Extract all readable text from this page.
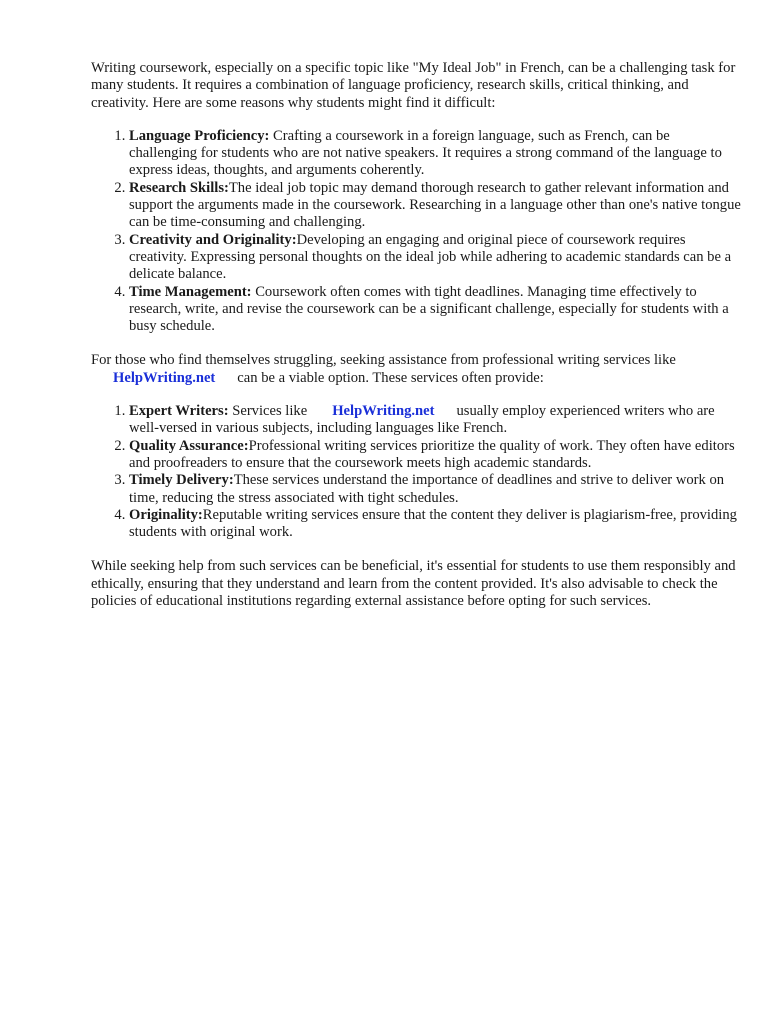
Writing coursework, especially on a specific topic like "My Ideal Job" in French, can be a challenging task for many students. It requires a combination of language proficiency, research skills, critical thinking, and creativity. Here are some reasons why students might find it difficult:

1. Language Proficiency: Crafting a coursework in a foreign language, such as French, can be challenging for students who are not native speakers. It requires a strong command of the language to express ideas, thoughts, and arguments coherently.
2. Research Skills:The ideal job topic may demand thorough research to gather relevant information and support the arguments made in the coursework. Researching in a language other than one's native tongue can be time-consuming and challenging.
3. Creativity and Originality:Developing an engaging and original piece of coursework requires creativity. Expressing personal thoughts on the ideal job while adhering to academic standards can be a delicate balance.
4. Time Management: Coursework often comes with tight deadlines. Managing time effectively to research, write, and revise the coursework can be a significant challenge, especially for students with a busy schedule.

For those who find themselves struggling, seeking assistance from professional writing services like
HelpWriting.net can be a viable option. These services often provide:

1. Expert Writers: Services like HelpWriting.net usually employ experienced writers who are well-versed in various subjects, including languages like French.
2. Quality Assurance:Professional writing services prioritize the quality of work. They often have editors and proofreaders to ensure that the coursework meets high academic standards.
3. Timely Delivery:These services understand the importance of deadlines and strive to deliver work on time, reducing the stress associated with tight schedules.
4. Originality:Reputable writing services ensure that the content they deliver is plagiarism-free, providing students with original work.

While seeking help from such services can be beneficial, it's essential for students to use them responsibly and ethically, ensuring that they understand and learn from the content provided. It's also advisable to check the policies of educational institutions regarding external assistance before opting for such services.
